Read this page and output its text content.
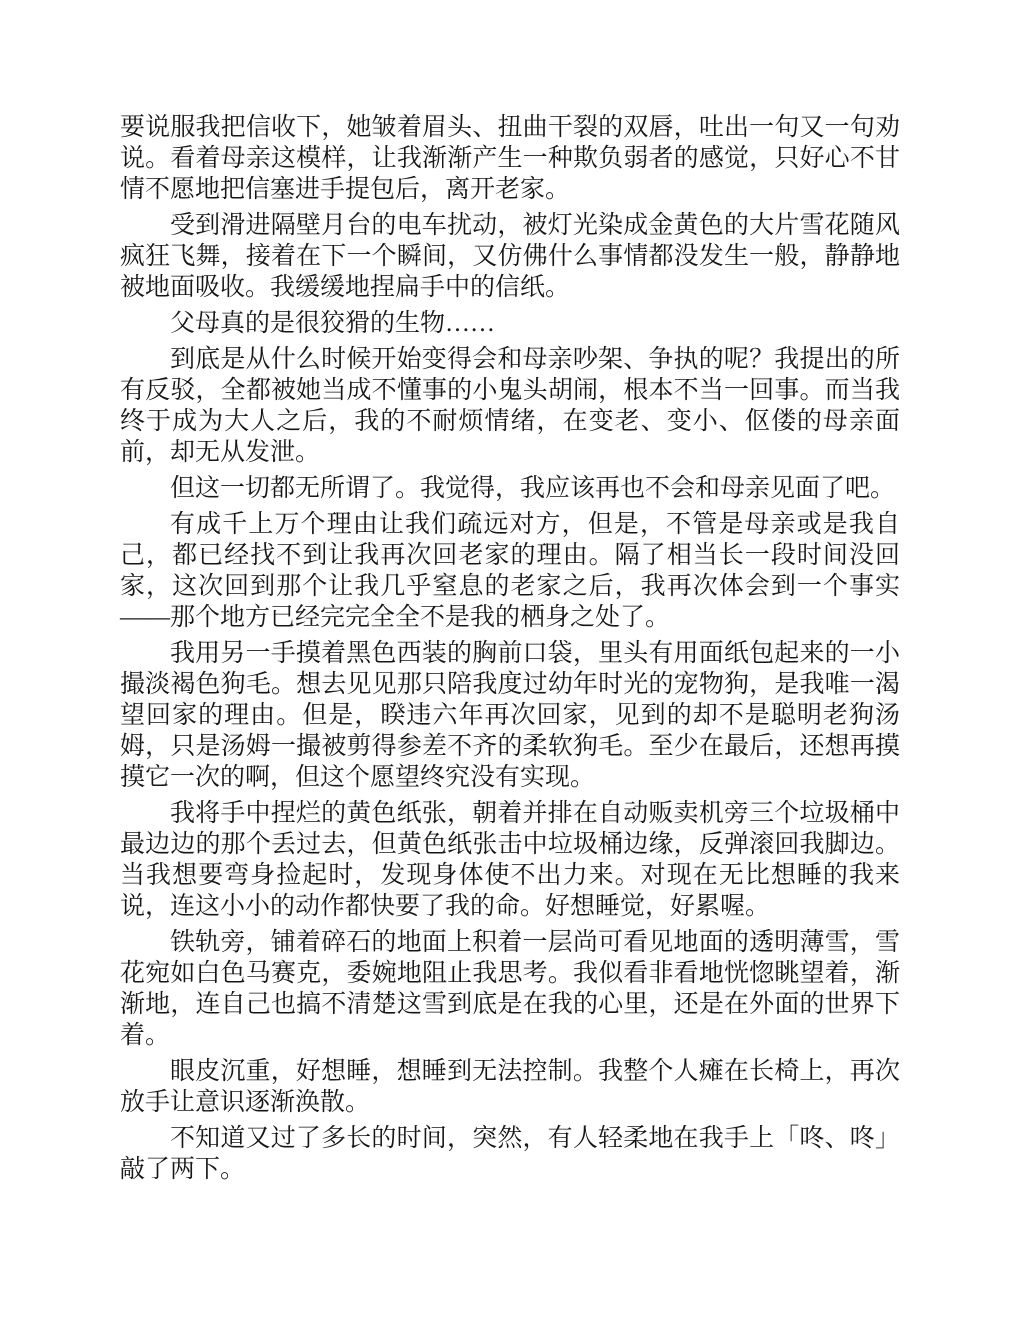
要说服我把信收下，她皱着眉头、扭曲干裂的双唇，吐出一句又一句劝说。看着母亲这模样，让我渐渐产生一种欺负弱者的感觉，只好心不甘情不愿地把信塞进手提包后，离开老家。

受到滑进隔壁月台的电车扰动，被灯光染成金黄色的大片雪花随风疯狂飞舞，接着在下一个瞬间，又仿佛什么事情都没发生一般，静静地被地面吸收。我缓缓地捏扁手中的信纸。

父母真的是很狡猾的生物……

到底是从什么时候开始变得会和母亲吵架、争执的呢？我提出的所有反驳，全都被她当成不懂事的小鬼头胡闹，根本不当一回事。而当我终于成为大人之后，我的不耐烦情绪，在变老、变小、伛偻的母亲面前，却无从发泄。

但这一切都无所谓了。我觉得，我应该再也不会和母亲见面了吧。

有成千上万个理由让我们疏远对方，但是，不管是母亲或是我自己，都已经找不到让我再次回老家的理由。隔了相当长一段时间没回家，这次回到那个让我几乎窒息的老家之后，我再次体会到一个事实——那个地方已经完完全全不是我的栖身之处了。

我用另一手摸着黑色西装的胸前口袋，里头有用面纸包起来的一小撮淡褐色狗毛。想去见见那只陪我度过幼年时光的宠物狗，是我唯一渴望回家的理由。但是，睽违六年再次回家，见到的却不是聪明老狗汤姆，只是汤姆一撮被剪得参差不齐的柔软狗毛。至少在最后，还想再摸摸它一次的啊，但这个愿望终究没有实现。

我将手中捏烂的黄色纸张，朝着并排在自动贩卖机旁三个垃圾桶中最边边的那个丢过去，但黄色纸张击中垃圾桶边缘，反弹滚回我脚边。当我想要弯身捡起时，发现身体使不出力来。对现在无比想睡的我来说，连这小小的动作都快要了我的命。好想睡觉，好累喔。

铁轨旁，铺着碎石的地面上积着一层尚可看见地面的透明薄雪，雪花宛如白色马赛克，委婉地阻止我思考。我似看非看地恍惚眺望着，渐渐地，连自己也搞不清楚这雪到底是在我的心里，还是在外面的世界下着。

眼皮沉重，好想睡，想睡到无法控制。我整个人瘫在长椅上，再次放手让意识逐渐涣散。

不知道又过了多长的时间，突然，有人轻柔地在我手上「咚、咚」敲了两下。
